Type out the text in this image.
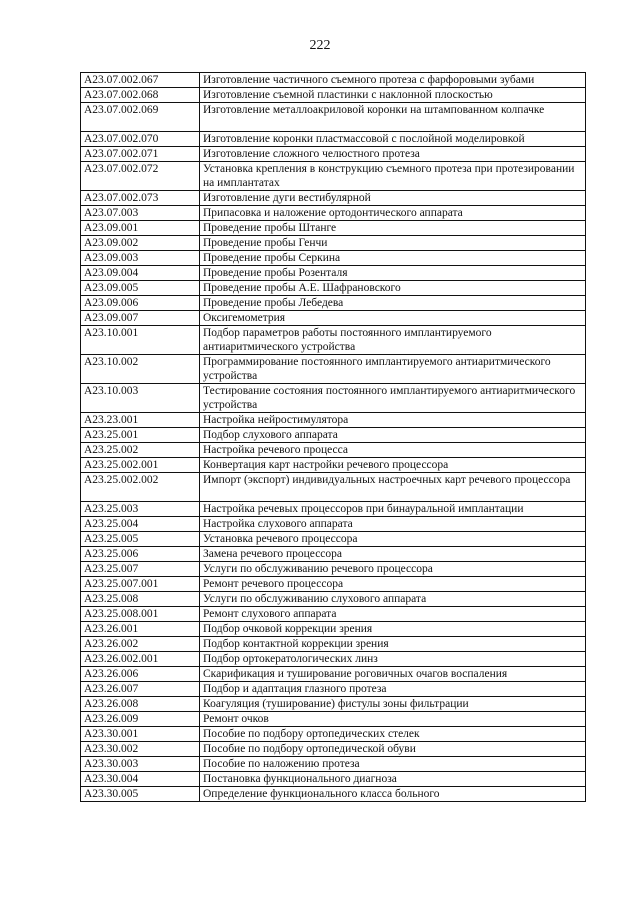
222
A23.07.002.067	Изготовление частичного съемного протеза с фарфоровыми зубами
A23.07.002.068	Изготовление съемной пластинки с наклонной плоскостью
A23.07.002.069	Изготовление металлоакриловой коронки на штампованном колпачке
A23.07.002.070	Изготовление коронки пластмассовой с послойной моделировкой
A23.07.002.071	Изготовление сложного челюстного протеза
A23.07.002.072	Установка крепления в конструкцию съемного протеза при протезировании на имплантатах
A23.07.002.073	Изготовление дуги вестибулярной
A23.07.003	Припасовка и наложение ортодонтического аппарата
A23.09.001	Проведение пробы Штанге
A23.09.002	Проведение пробы Генчи
A23.09.003	Проведение пробы Серкина
A23.09.004	Проведение пробы Розенталя
A23.09.005	Проведение пробы А.Е. Шафрановского
A23.09.006	Проведение пробы Лебедева
A23.09.007	Оксигемометрия
A23.10.001	Подбор параметров работы постоянного имплантируемого антиаритмического устройства
A23.10.002	Программирование постоянного имплантируемого антиаритмического устройства
A23.10.003	Тестирование состояния постоянного имплантируемого антиаритмического устройства
A23.23.001	Настройка нейростимулятора
A23.25.001	Подбор слухового аппарата
A23.25.002	Настройка речевого процесса
A23.25.002.001	Конвертация карт настройки речевого процессора
A23.25.002.002	Импорт (экспорт) индивидуальных настроечных карт речевого процессора
A23.25.003	Настройка речевых процессоров при бинауральной имплантации
A23.25.004	Настройка слухового аппарата
A23.25.005	Установка речевого процессора
A23.25.006	Замена речевого процессора
A23.25.007	Услуги по обслуживанию речевого процессора
A23.25.007.001	Ремонт речевого процессора
A23.25.008	Услуги по обслуживанию слухового аппарата
A23.25.008.001	Ремонт слухового аппарата
A23.26.001	Подбор очковой коррекции зрения
A23.26.002	Подбор контактной коррекции зрения
A23.26.002.001	Подбор ортокератологических линз
A23.26.006	Скарификация и туширование роговичных очагов воспаления
A23.26.007	Подбор и адаптация глазного протеза
A23.26.008	Коагуляция (туширование) фистулы зоны фильтрации
A23.26.009	Ремонт очков
A23.30.001	Пособие по подбору ортопедических стелек
A23.30.002	Пособие по подбору ортопедической обуви
A23.30.003	Пособие по наложению протеза
A23.30.004	Постановка функционального диагноза
A23.30.005	Определение функционального класса больного
